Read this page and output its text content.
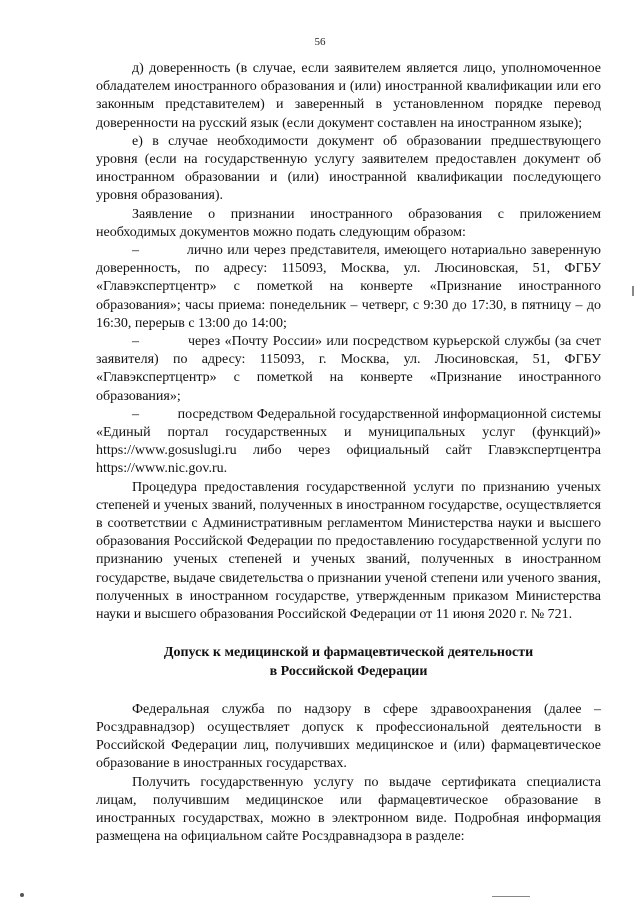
56

д) доверенность (в случае, если заявителем является лицо, уполномоченное обладателем иностранного образования и (или) иностранной квалификации или его законным представителем) и заверенный в установленном порядке перевод доверенности на русский язык (если документ составлен на иностранном языке);

е) в случае необходимости документ об образовании предшествующего уровня (если на государственную услугу заявителем предоставлен документ об иностранном образовании и (или) иностранной квалификации последующего уровня образования).

Заявление о признании иностранного образования с приложением необходимых документов можно подать следующим образом:

–           лично или через представителя, имеющего нотариально заверенную доверенность, по адресу: 115093, Москва, ул. Люсиновская, 51, ФГБУ «Главэкспертцентр» с пометкой на конверте «Признание иностранного образования»; часы приема: понедельник – четверг, с 9:30 до 17:30, в пятницу – до 16:30, перерыв с 13:00 до 14:00;

–           через «Почту России» или посредством курьерской службы (за счет заявителя) по адресу: 115093, г. Москва, ул. Люсиновская, 51, ФГБУ «Главэкспертцентр» с пометкой на конверте «Признание иностранного образования»;

–           посредством Федеральной государственной информационной системы «Единый портал государственных и муниципальных услуг (функций)» https://www.gosuslugi.ru либо через официальный сайт Главэкспертцентра https://www.nic.gov.ru.

Процедура предоставления государственной услуги по признанию ученых степеней и ученых званий, полученных в иностранном государстве, осуществляется в соответствии с Административным регламентом Министерства науки и высшего образования Российской Федерации по предоставлению государственной услуги по признанию ученых степеней и ученых званий, полученных в иностранном государстве, выдаче свидетельства о признании ученой степени или ученого звания, полученных в иностранном государстве, утвержденным приказом Министерства науки и высшего образования Российской Федерации от 11 июня 2020 г. № 721.

Допуск к медицинской и фармацевтической деятельности

в Российской Федерации

Федеральная служба по надзору в сфере здравоохранения (далее – Росздравнадзор) осуществляет допуск к профессиональной деятельности в Российской Федерации лиц, получивших медицинское и (или) фармацевтическое образование в иностранных государствах.

Получить государственную услугу по выдаче сертификата специалиста лицам, получившим медицинское или фармацевтическое образование в иностранных государствах, можно в электронном виде. Подробная информация размещена на официальном сайте Росздравнадзора в разделе:
